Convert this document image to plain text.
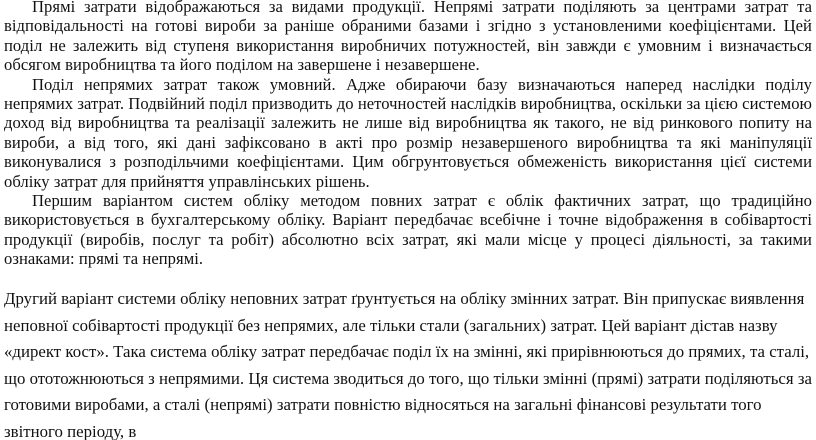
Прямі затрати відображаються за видами продукції. Непрямі затрати поділяють за центрами затрат та відповідальності на готові вироби за раніше обраними базами і згідно з установленими коефіцієнтами. Цей поділ не залежить від ступеня використання виробничих потужностей, він завжди є умовним і визначається обсягом виробництва та його поділом на завершене і незавершене.

Поділ непрямих затрат також умовний. Адже обираючи базу визначаються наперед наслідки поділу непрямих затрат. Подвійний поділ призводить до неточностей наслідків виробництва, оскільки за цією системою доход від виробництва та реалізації залежить не лише від виробництва як такого, не від ринкового попиту на вироби, а від того, які дані зафіксовано в акті про розмір незавершеного виробництва та які маніпуляції виконувалися з розподільчими коефіцієнтами. Цим обгрунтовується обмеженість використання цієї системи обліку затрат для прийняття управлінських рішень.

Першим варіантом систем обліку методом повних затрат є облік фактичних затрат, що традиційно використовується в бухгалтерському обліку. Варіант передбачає всебічне і точне відображення в собівартості продукції (виробів, послуг та робіт) абсолютно всіх затрат, які мали місце у процесі діяльності, за такими ознаками: прямі та непрямі.

Другий варіант системи обліку неповних затрат ґрунтується на обліку змінних затрат. Він припускає виявлення неповної собівартості продукції без непрямих, але тільки стали (загальних) затрат. Цей варіант дістав назву «директ кост». Така система обліку затрат передбачає поділ їх на змінні, які прирівнюються до прямих, та сталі, що ототожнюються з непрямими. Ця система зводиться до того, що тільки змінні (прямі) затрати поділяються за готовими виробами, а сталі (непрямі) затрати повністю відносяться на загальні фінансові результати того звітного періоду, в
